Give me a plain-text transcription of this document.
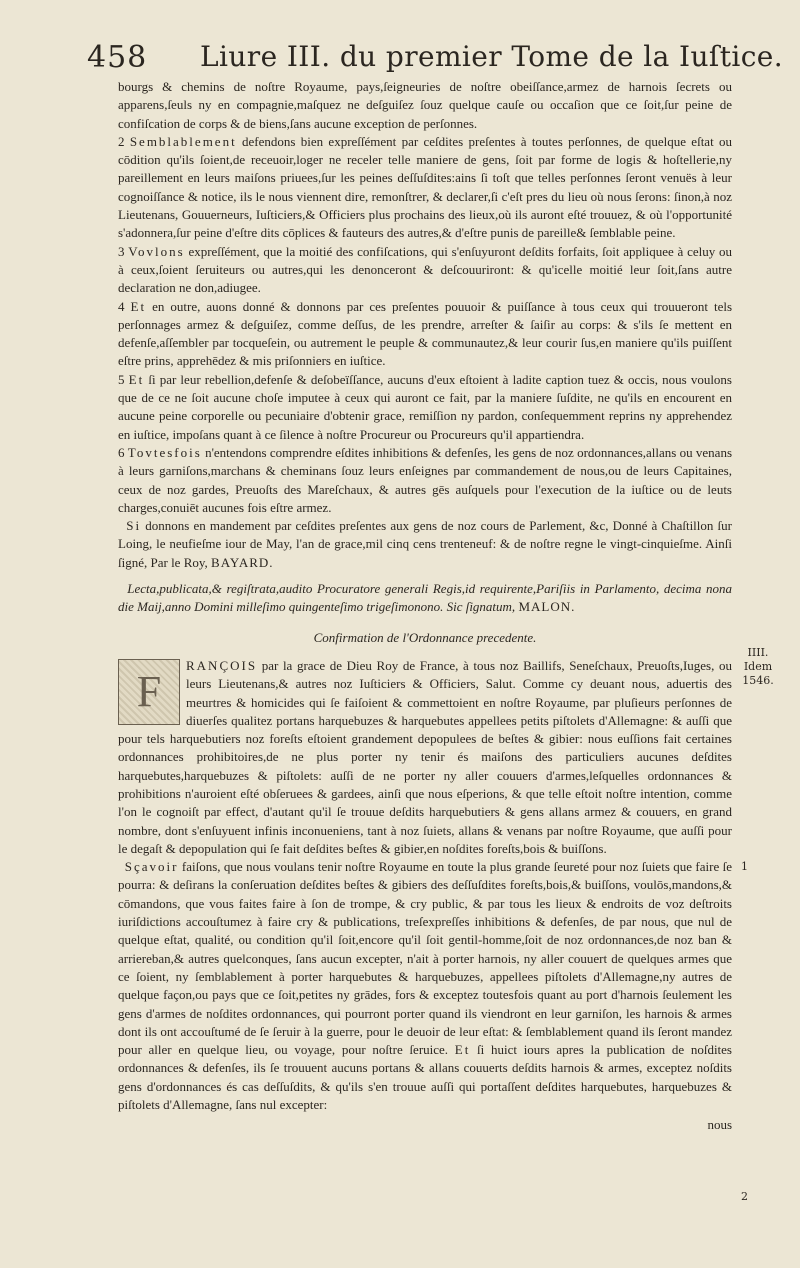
458 Liure III. du premier Tome de la Iuſtice.

bourgs & chemins de noſtre Royaume, pays,ſeigneuries de noſtre obeiſſance,armez de harnois ſecrets ou apparens,ſeuls ny en compagnie,maſquez ne deſguiſez ſouz quelque cauſe ou occaſion que ce ſoit,ſur peine de confiſcation de corps & de biens,ſans aucune exception de perſonnes.

2 Semblablement defendons bien expreſſément par ceſdites preſentes à toutes perſonnes, de quelque eſtat ou cōdition qu'ils ſoient,de receuoir,loger ne receler telle maniere de gens, ſoit par forme de logis & hoſtellerie,ny pareillement en leurs maiſons priuees,ſur les peines deſſuſdites:ains ſi toſt que telles perſonnes ſeront venuës à leur cognoiſſance & notice, ils le nous viennent dire, remonſtrer, & declarer,ſi c'eſt pres du lieu où nous ſerons: ſinon,à noz Lieutenans, Gouuerneurs, Iuſticiers,& Officiers plus prochains des lieux,où ils auront eſté trouuez, & où l'opportunité s'adonnera,ſur peine d'eſtre dits cōplices & fauteurs des autres,& d'eſtre punis de pareille& ſemblable peine.

3 Vovlons expreſſément, que la moitié des confiſcations, qui s'enſuyuront deſdits forfaits, ſoit appliquee à celuy ou à ceux,ſoient ſeruiteurs ou autres,qui les denonceront & deſcouuriront: & qu'icelle moitié leur ſoit,ſans autre declaration ne don,adiugee.

4 Et en outre, auons donné & donnons par ces preſentes pouuoir & puiſſance à tous ceux qui trouueront tels perſonnages armez & deſguiſez, comme deſſus, de les prendre, arreſter & ſaiſir au corps: & s'ils ſe mettent en defenſe,aſſembler par tocqueſein, ou autrement le peuple & communautez,& leur courir ſus,en maniere qu'ils puiſſent eſtre prins, apprehēdez & mis priſonniers en iuſtice.

5 Et ſi par leur rebellion,defenſe & deſobeïſſance, aucuns d'eux eſtoient à ladite caption tuez & occis, nous voulons que de ce ne ſoit aucune choſe imputee à ceux qui auront ce fait, par la maniere ſuſdite, ne qu'ils en encourent en aucune peine corporelle ou pecuniaire d'obtenir grace, remiſſion ny pardon, conſequemment reprins ny apprehendez en iuſtice, impoſans quant à ce ſilence à noſtre Procureur ou Procureurs qu'il appartiendra.

6 Tovtesfois n'entendons comprendre eſdites inhibitions & defenſes, les gens de noz ordonnances,allans ou venans à leurs garniſons,marchans & cheminans ſouz leurs enſeignes par commandement de nous,ou de leurs Capitaines, ceux de noz gardes, Preuoſts des Mareſchaux, & autres gēs auſquels pour l'execution de la iuſtice ou de leuts charges,conuiēt aucunes fois eſtre armez.

Si donnons en mandement par ceſdites preſentes aux gens de noz cours de Parlement, &c, Donné à Chaſtillon ſur Loing, le neufieſme iour de May, l'an de grace,mil cinq cens trenteneuf: & de noſtre regne le vingt-cinquieſme. Ainſi ſigné, Par le Roy, BAYARD.

Lecta,publicata,& regiſtrata,audito Procuratore generali Regis,id requirente,Pariſiis in Parlamento, decima nona die Maij,anno Domini milleſimo quingenteſimo trigeſimonono. Sic ſignatum, MALON.

Confirmation de l'Ordonnance precedente.

F
RANÇOIS par la grace de Dieu Roy de France, à tous noz Baillifs, Seneſchaux, Preuoſts,Iuges, ou leurs Lieutenans,& autres noz Iuſticiers & Officiers, Salut. Comme cy deuant nous, aduertis des meurtres & homicides qui ſe faiſoient & commettoient en noſtre Royaume, par pluſieurs perſonnes de diuerſes qualitez portans harquebuzes & harquebutes appellees petits piſtolets d'Allemagne: & auſſi que pour tels harquebutiers noz foreſts eſtoient grandement depopulees de beſtes & gibier: nous euſſions fait certaines ordonnances prohibitoires,de ne plus porter ny tenir és maiſons des particuliers aucunes deſdites harquebutes,harquebuzes & piſtolets: auſſi de ne porter ny aller couuers d'armes,leſquelles ordonnances & prohibitions n'auroient eſté obſeruees & gardees, ainſi que nous eſperions, & que telle eſtoit noſtre intention, comme l'on le cognoiſt par effect, d'autant qu'il ſe trouue deſdits harquebutiers & gens allans armez & couuers, en grand nombre, dont s'enſuyuent infinis inconueniens, tant à noz ſuiets, allans & venans par noſtre Royaume, que auſſi pour le degaſt & depopulation qui ſe fait deſdites beſtes & gibier,en noſdites foreſts,bois & buiſſons.

Sçavoir faiſons, que nous voulans tenir noſtre Royaume en toute la plus grande ſeureté pour noz ſuiets que faire ſe pourra: & deſirans la conſeruation deſdites beſtes & gibiers des deſſuſdites foreſts,bois,& buiſſons, voulōs,mandons,& cōmandons, que vous faites faire à ſon de trompe, & cry public, & par tous les lieux & endroits de voz deſtroits iuriſdictions accouſtumez à faire cry & publications, treſexpreſſes inhibitions & defenſes, de par nous, que nul de quelque eſtat, qualité, ou condition qu'il ſoit,encore qu'il ſoit gentil-homme,ſoit de noz ordonnances,de noz ban & arriereban,& autres quelconques, ſans aucun excepter, n'ait à porter harnois, ny aller couuert de quelques armes que ce ſoient, ny ſemblablement à porter harquebutes & harquebuzes, appellees piſtolets d'Allemagne,ny autres de quelque façon,ou pays que ce ſoit,petites ny grādes, fors & exceptez toutesfois quant au port d'harnois ſeulement les gens d'armes de noſdites ordonnances, qui pourront porter quand ils viendront en leur garniſon, les harnois & armes dont ils ont accouſtumé de ſe ſeruir à la guerre, pour le deuoir de leur eſtat: & ſemblablement quand ils ſeront mandez pour aller en quelque lieu, ou voyage, pour noſtre ſeruice. Et ſi huict iours apres la publication de noſdites ordonnances & defenſes, ils ſe trouuent aucuns portans & allans couuerts deſdits harnois & armes, exceptez noſdits gens d'ordonnances és cas deſſuſdits, & qu'ils s'en trouue auſſi qui portaſſent deſdites harquebutes, harquebuzes & piſtolets d'Allemagne, ſans nul excepter:

nous

IIII.
Idem 1546.
1
2
